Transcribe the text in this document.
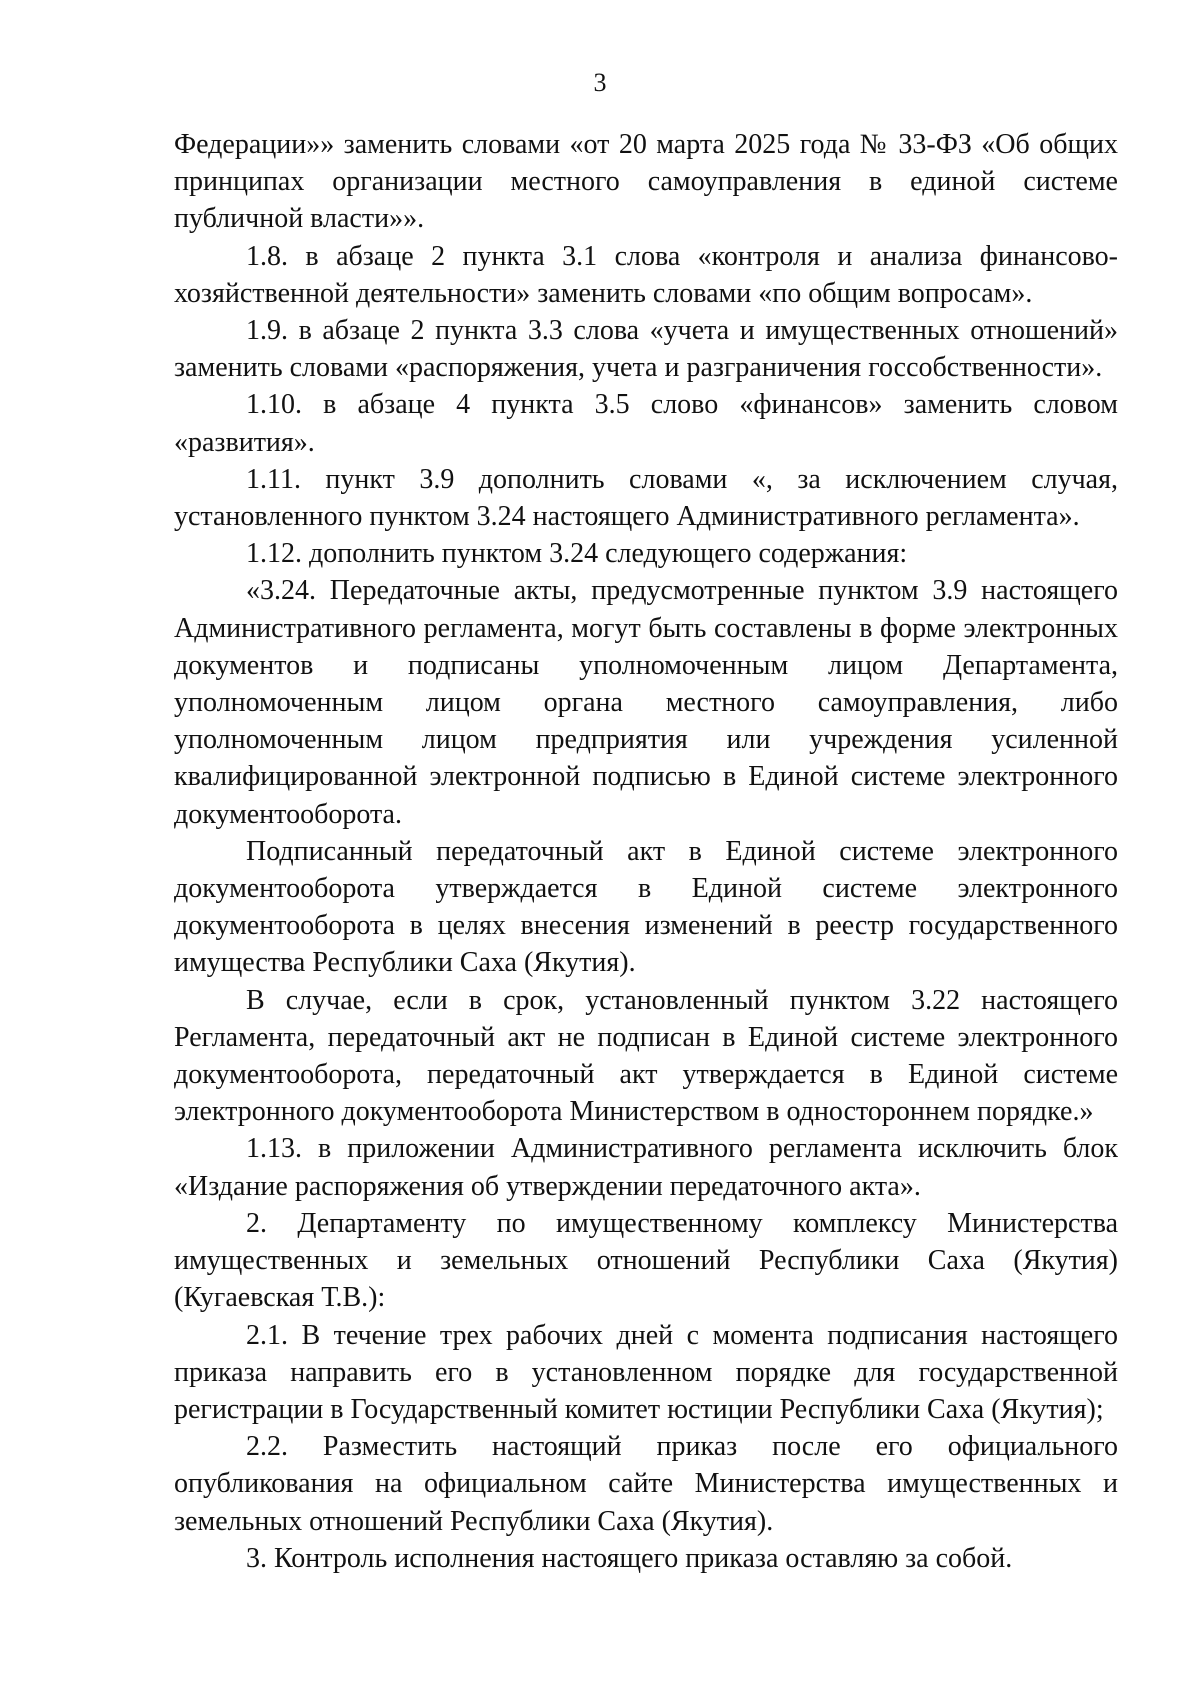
3

Федерации»» заменить словами «от 20 марта 2025 года № 33-ФЗ «Об общих принципах организации местного самоуправления в единой системе публичной власти»».

1.8. в абзаце 2 пункта 3.1 слова «контроля и анализа финансово-хозяйственной деятельности» заменить словами «по общим вопросам».

1.9. в абзаце 2 пункта 3.3 слова «учета и имущественных отношений» заменить словами «распоряжения, учета и разграничения госсобственности».

1.10. в абзаце 4 пункта 3.5 слово «финансов» заменить словом «развития».

1.11. пункт 3.9 дополнить словами «, за исключением случая, установленного пунктом 3.24 настоящего Административного регламента».

1.12. дополнить пунктом 3.24 следующего содержания:

«3.24. Передаточные акты, предусмотренные пунктом 3.9 настоящего Административного регламента, могут быть составлены в форме электронных документов и подписаны уполномоченным лицом Департамента, уполномоченным лицом органа местного самоуправления, либо уполномоченным лицом предприятия или учреждения усиленной квалифицированной электронной подписью в Единой системе электронного документооборота.

Подписанный передаточный акт в Единой системе электронного документооборота утверждается в Единой системе электронного документооборота в целях внесения изменений в реестр государственного имущества Республики Саха (Якутия).

В случае, если в срок, установленный пунктом 3.22 настоящего Регламента, передаточный акт не подписан в Единой системе электронного документооборота, передаточный акт утверждается в Единой системе электронного документооборота Министерством в одностороннем порядке.»

1.13. в приложении Административного регламента исключить блок «Издание распоряжения об утверждении передаточного акта».

2. Департаменту по имущественному комплексу Министерства имущественных и земельных отношений Республики Саха (Якутия) (Кугаевская Т.В.):

2.1. В течение трех рабочих дней с момента подписания настоящего приказа направить его в установленном порядке для государственной регистрации в Государственный комитет юстиции Республики Саха (Якутия);

2.2. Разместить настоящий приказ после его официального опубликования на официальном сайте Министерства имущественных и земельных отношений Республики Саха (Якутия).

3. Контроль исполнения настоящего приказа оставляю за собой.
